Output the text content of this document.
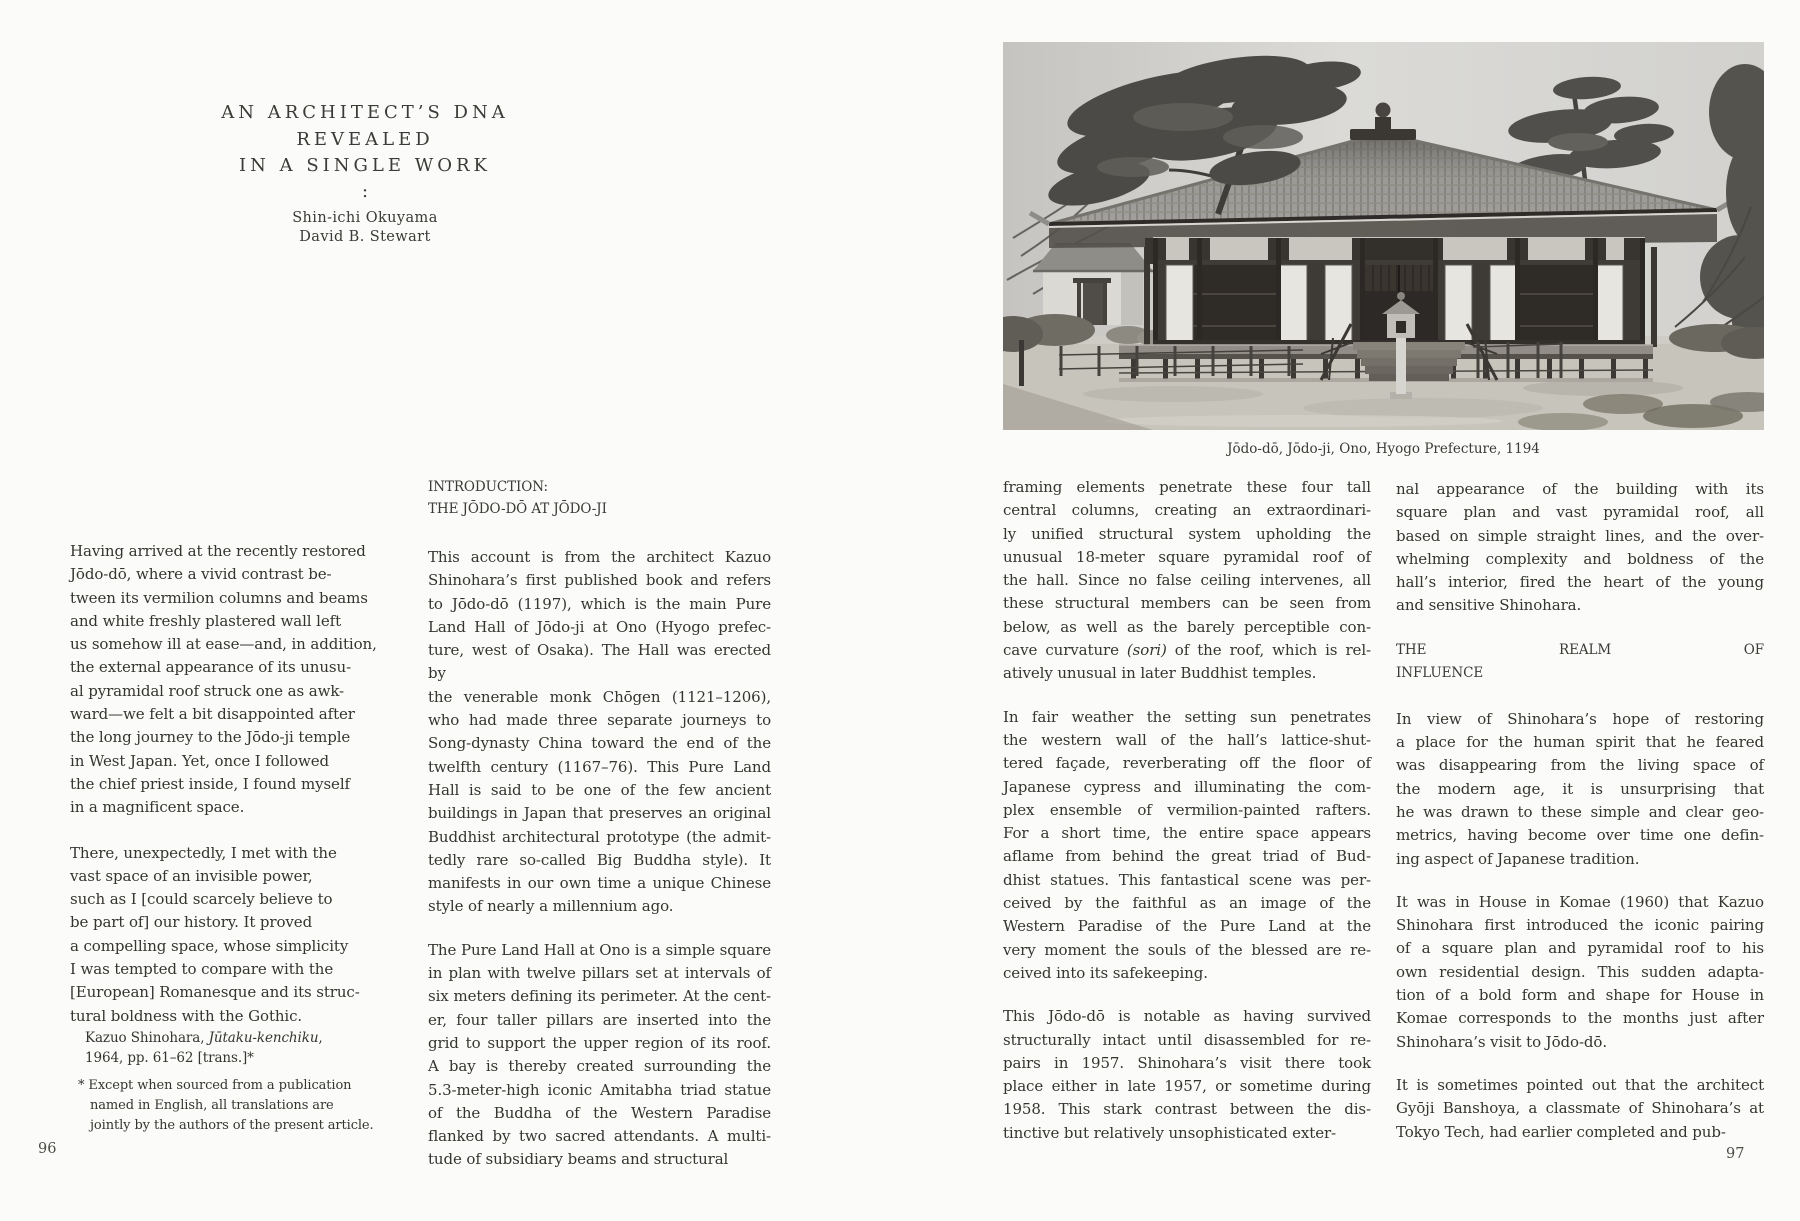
AN ARCHITECT’S DNA
REVEALED
IN A SINGLE WORK
:
Shin-ichi Okuyama
David B. Stewart
Having arrived at the recently restored
Jōdo-dō, where a vivid contrast be-
tween its vermilion columns and beams
and white freshly plastered wall left
us somehow ill at ease—and, in addition,
the external appearance of its unusu-
al pyramidal roof struck one as awk-
ward—we felt a bit disappointed after
the long journey to the Jōdo-ji temple
in West Japan. Yet, once I followed
the chief priest inside, I found myself
in a magnificent space.
There, unexpectedly, I met with the
vast space of an invisible power,
such as I [could scarcely believe to
be part of] our history. It proved
a compelling space, whose simplicity
I was tempted to compare with the
[European] Romanesque and its struc-
tural boldness with the Gothic.
Kazuo Shinohara, Jūtaku-kenchiku,
1964, pp. 61–62 [trans.]*
* Except when sourced from a publication
named in English, all translations are
jointly by the authors of the present article.
INTRODUCTION:
THE JŌDO-DŌ AT JŌDO-JI
This account is from the architect Kazuo
Shinohara’s first published book and refers
to Jōdo-dō (1197), which is the main Pure
Land Hall of Jōdo-ji at Ono (Hyogo prefec-
ture, west of Osaka). The Hall was erected by
the venerable monk Chōgen (1121–1206),
who had made three separate journeys to
Song-dynasty China toward the end of the
twelfth century (1167–76). This Pure Land
Hall is said to be one of the few ancient
buildings in Japan that preserves an original
Buddhist architectural prototype (the admit-
tedly rare so-called Big Buddha style). It
manifests in our own time a unique Chinese
style of nearly a millennium ago.
The Pure Land Hall at Ono is a simple square
in plan with twelve pillars set at intervals of
six meters defining its perimeter. At the cent-
er, four taller pillars are inserted into the
grid to support the upper region of its roof.
A bay is thereby created surrounding the
5.3-meter-high iconic Amitabha triad statue
of the Buddha of the Western Paradise
flanked by two sacred attendants. A multi-
tude of subsidiary beams and structural
96
Jōdo-dō, Jōdo-ji, Ono, Hyogo Prefecture, 1194
framing elements penetrate these four tall
central columns, creating an extraordinari-
ly unified structural system upholding the
unusual 18-meter square pyramidal roof of
the hall. Since no false ceiling intervenes, all
these structural members can be seen from
below, as well as the barely perceptible con-
cave curvature (sori) of the roof, which is rel-
atively unusual in later Buddhist temples.
In fair weather the setting sun penetrates
the western wall of the hall’s lattice-shut-
tered façade, reverberating off the floor of
Japanese cypress and illuminating the com-
plex ensemble of vermilion-painted rafters.
For a short time, the entire space appears
aflame from behind the great triad of Bud-
dhist statues. This fantastical scene was per-
ceived by the faithful as an image of the
Western Paradise of the Pure Land at the
very moment the souls of the blessed are re-
ceived into its safekeeping.
This Jōdo-dō is notable as having survived
structurally intact until disassembled for re-
pairs in 1957. Shinohara’s visit there took
place either in late 1957, or sometime during
1958. This stark contrast between the dis-
tinctive but relatively unsophisticated exter-
nal appearance of the building with its
square plan and vast pyramidal roof, all
based on simple straight lines, and the over-
whelming complexity and boldness of the
hall’s interior, fired the heart of the young
and sensitive Shinohara.
THE REALM OF
INFLUENCE
In view of Shinohara’s hope of restoring
a place for the human spirit that he feared
was disappearing from the living space of
the modern age, it is unsurprising that
he was drawn to these simple and clear geo-
metrics, having become over time one defin-
ing aspect of Japanese tradition.
It was in House in Komae (1960) that Kazuo
Shinohara first introduced the iconic pairing
of a square plan and pyramidal roof to his
own residential design. This sudden adapta-
tion of a bold form and shape for House in
Komae corresponds to the months just after
Shinohara’s visit to Jōdo-dō.
It is sometimes pointed out that the architect
Gyōji Banshoya, a classmate of Shinohara’s at
Tokyo Tech, had earlier completed and pub-
97
